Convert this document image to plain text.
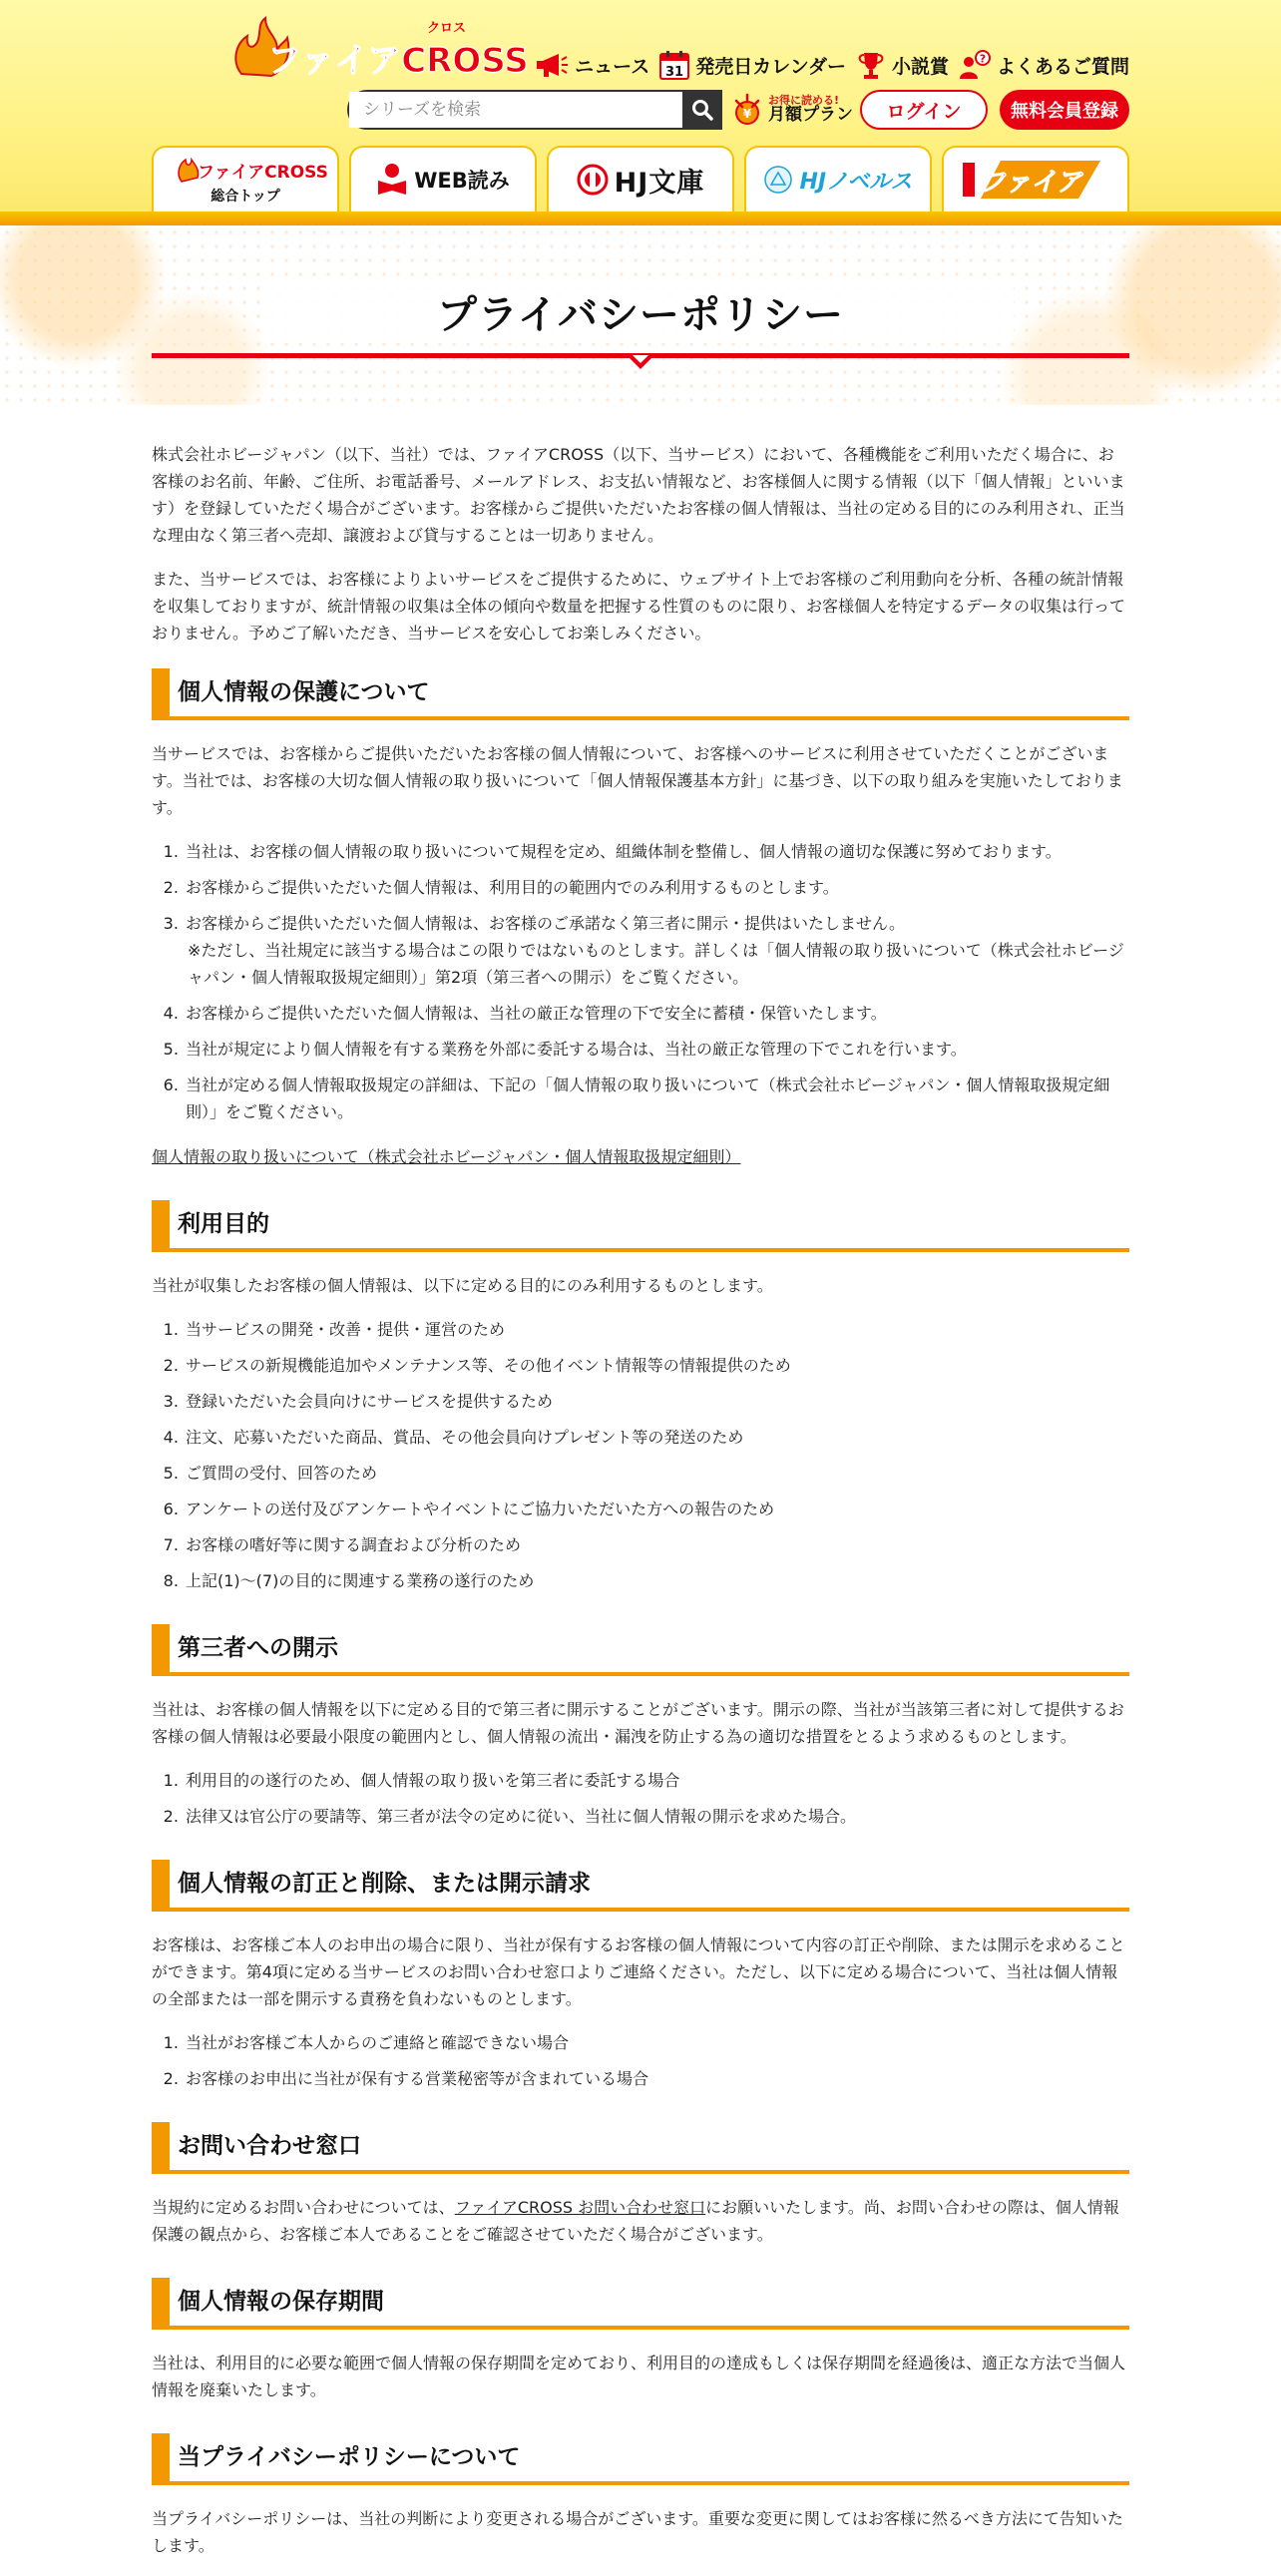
ファイアCROSS
クロス
ニュース 31 発売日カレンダー 小説賞	? よくあるご質問
シリーズを検索
¥
お得に読める!
月額プラン	ログイン	無料会員登録
ファイアCROSS
総合トップ
WEB読み	HJ文庫	HJノベルス	ファイア
プライバシーポリシー

株式会社ホビージャパン（以下、当社）では、ファイアCROSS（以下、当サービス）において、各種機能をご利用いただく場合に、お客様のお名前、年齢、ご住所、お電話番号、メールアドレス、お支払い情報など、お客様個人に関する情報（以下「個人情報」といいます）を登録していただく場合がございます。お客様からご提供いただいたお客様の個人情報は、当社の定める目的にのみ利用され、正当な理由なく第三者へ売却、譲渡および貸与することは一切ありません。

また、当サービスでは、お客様によりよいサービスをご提供するために、ウェブサイト上でお客様のご利用動向を分析、各種の統計情報を収集しておりますが、統計情報の収集は全体の傾向や数量を把握する性質のものに限り、お客様個人を特定するデータの収集は行っておりません。予めご了解いただき、当サービスを安心してお楽しみください。

個人情報の保護について

当サービスでは、お客様からご提供いただいたお客様の個人情報について、お客様へのサービスに利用させていただくことがございます。当社では、お客様の大切な個人情報の取り扱いについて「個人情報保護基本方針」に基づき、以下の取り組みを実施いたしております。

1. 当社は、お客様の個人情報の取り扱いについて規程を定め、組織体制を整備し、個人情報の適切な保護に努めております。
2. お客様からご提供いただいた個人情報は、利用目的の範囲内でのみ利用するものとします。
3. お客様からご提供いただいた個人情報は、お客様のご承諾なく第三者に開示・提供はいたしません。
※ただし、当社規定に該当する場合はこの限りではないものとします。詳しくは「個人情報の取り扱いについて（株式会社ホビージャパン・個人情報取扱規定細則）」第2項（第三者への開示）をご覧ください。
4. お客様からご提供いただいた個人情報は、当社の厳正な管理の下で安全に蓄積・保管いたします。
5. 当社が規定により個人情報を有する業務を外部に委託する場合は、当社の厳正な管理の下でこれを行います。
6. 当社が定める個人情報取扱規定の詳細は、下記の「個人情報の取り扱いについて（株式会社ホビージャパン・個人情報取扱規定細則）」をご覧ください。

個人情報の取り扱いについて（株式会社ホビージャパン・個人情報取扱規定細則）

利用目的

当社が収集したお客様の個人情報は、以下に定める目的にのみ利用するものとします。

1. 当サービスの開発・改善・提供・運営のため
2. サービスの新規機能追加やメンテナンス等、その他イベント情報等の情報提供のため
3. 登録いただいた会員向けにサービスを提供するため
4. 注文、応募いただいた商品、賞品、その他会員向けプレゼント等の発送のため
5. ご質問の受付、回答のため
6. アンケートの送付及びアンケートやイベントにご協力いただいた方への報告のため
7. お客様の嗜好等に関する調査および分析のため
8. 上記(1)～(7)の目的に関連する業務の遂行のため
第三者への開示

当社は、お客様の個人情報を以下に定める目的で第三者に開示することがございます。開示の際、当社が当該第三者に対して提供するお客様の個人情報は必要最小限度の範囲内とし、個人情報の流出・漏洩を防止する為の適切な措置をとるよう求めるものとします。

1. 利用目的の遂行のため、個人情報の取り扱いを第三者に委託する場合
2. 法律又は官公庁の要請等、第三者が法令の定めに従い、当社に個人情報の開示を求めた場合。
個人情報の訂正と削除、または開示請求

お客様は、お客様ご本人のお申出の場合に限り、当社が保有するお客様の個人情報について内容の訂正や削除、または開示を求めることができます。第4項に定める当サービスのお問い合わせ窓口よりご連絡ください。ただし、以下に定める場合について、当社は個人情報の全部または一部を開示する責務を負わないものとします。

1. 当社がお客様ご本人からのご連絡と確認できない場合
2. お客様のお申出に当社が保有する営業秘密等が含まれている場合
お問い合わせ窓口

当規約に定めるお問い合わせについては、ファイアCROSS お問い合わせ窓口にお願いいたします。尚、お問い合わせの際は、個人情報保護の観点から、お客様ご本人であることをご確認させていただく場合がございます。

個人情報の保存期間

当社は、利用目的に必要な範囲で個人情報の保存期間を定めており、利用目的の達成もしくは保存期間を経過後は、適正な方法で当個人情報を廃棄いたします。

当プライバシーポリシーについて

当プライバシーポリシーは、当社の判断により変更される場合がございます。重要な変更に関してはお客様に然るべき方法にて告知いたします。
